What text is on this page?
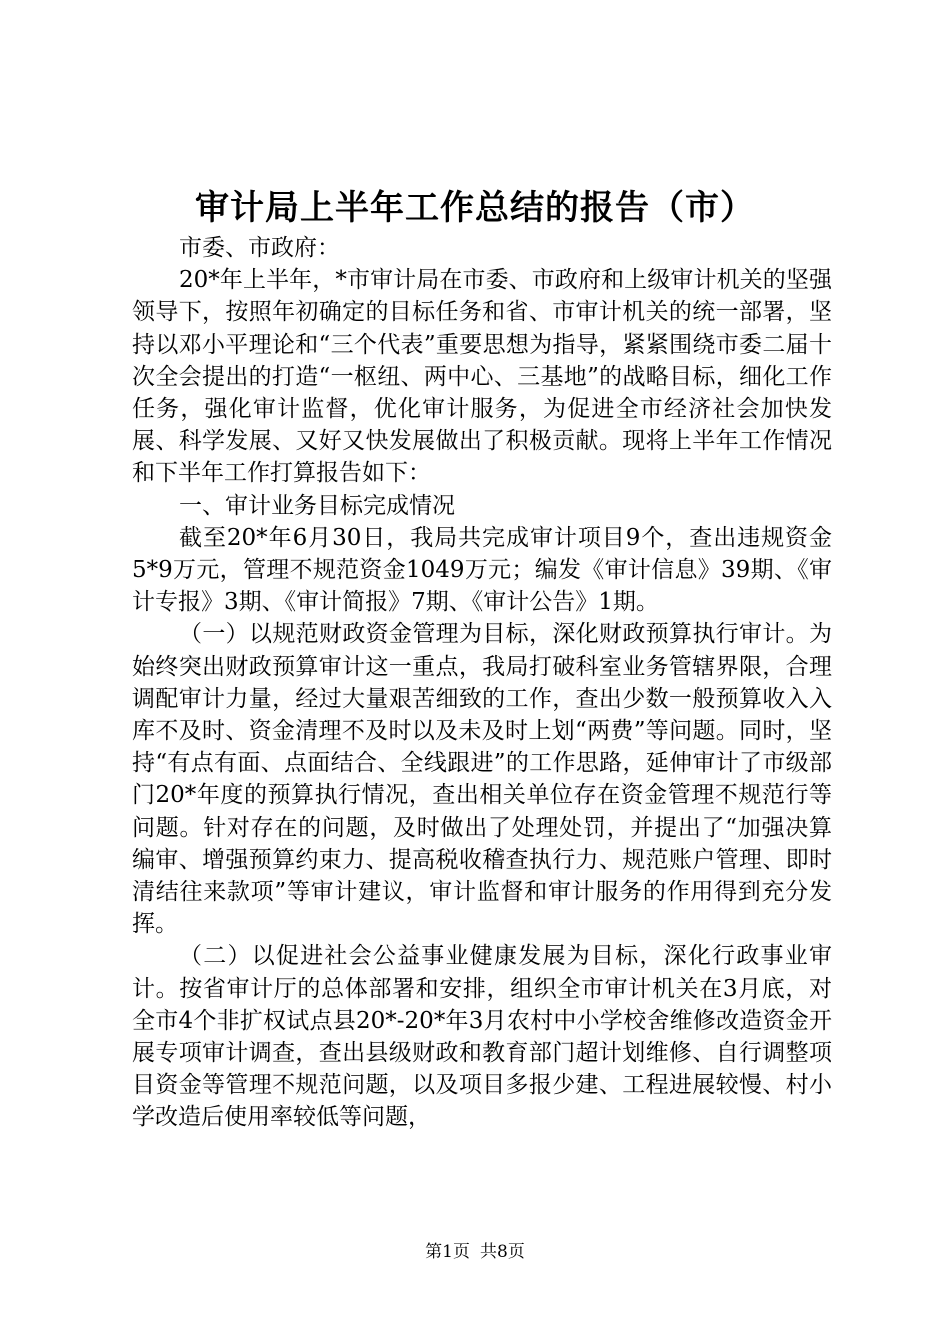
审计局上半年工作总结的报告（市）

市委、市政府：

20*年上半年，*市审计局在市委、市政府和上级审计机关的坚强领导下，按照年初确定的目标任务和省、市审计机关的统一部署，坚持以邓小平理论和“三个代表”重要思想为指导，紧紧围绕市委二届十次全会提出的打造“一枢纽、两中心、三基地”的战略目标，细化工作任务，强化审计监督，优化审计服务，为促进全市经济社会加快发展、科学发展、又好又快发展做出了积极贡献。现将上半年工作情况和下半年工作打算报告如下：

一、审计业务目标完成情况

截至20*年6月30日，我局共完成审计项目9个，查出违规资金5*9万元，管理不规范资金1049万元；编发《审计信息》39期、《审计专报》3期、《审计简报》7期、《审计公告》1期。

（一）以规范财政资金管理为目标，深化财政预算执行审计。为始终突出财政预算审计这一重点，我局打破科室业务管辖界限，合理调配审计力量，经过大量艰苦细致的工作，查出少数一般预算收入入库不及时、资金清理不及时以及未及时上划“两费”等问题。同时，坚持“有点有面、点面结合、全线跟进”的工作思路，延伸审计了市级部门20*年度的预算执行情况，查出相关单位存在资金管理不规范行等问题。针对存在的问题，及时做出了处理处罚，并提出了“加强决算编审、增强预算约束力、提高税收稽查执行力、规范账户管理、即时清结往来款项”等审计建议，审计监督和审计服务的作用得到充分发挥。

（二）以促进社会公益事业健康发展为目标，深化行政事业审计。按省审计厅的总体部署和安排，组织全市审计机关在3月底，对全市4个非扩权试点县20*-20*年3月农村中小学校舍维修改造资金开展专项审计调查，查出县级财政和教育部门超计划维修、自行调整项目资金等管理不规范问题，以及项目多报少建、工程进展较慢、村小学改造后使用率较低等问题，

第1页 共8页
